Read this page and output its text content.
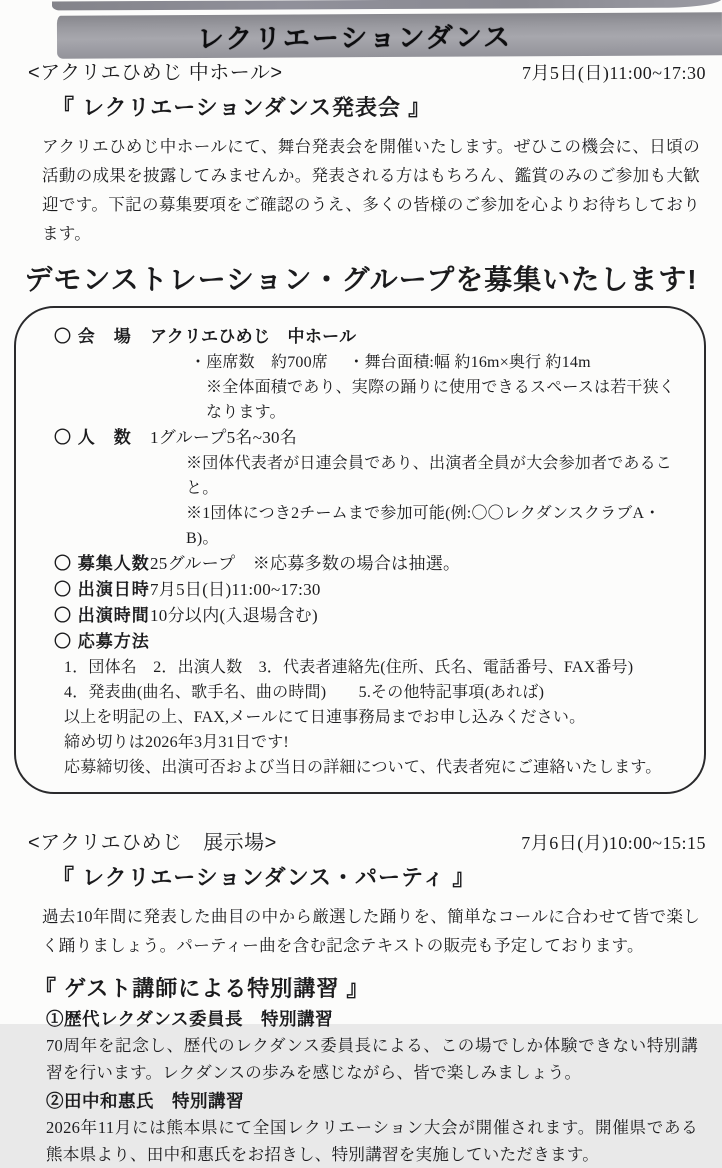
レクリエーションダンス
<アクリエひめじ 中ホール>	7月5日(日)11:00~17:30
『 レクリエーションダンス発表会 』
アクリエひめじ中ホールにて、舞台発表会を開催いたします。ぜひこの機会に、日頃の活動の成果を披露してみませんか。発表される方はもちろん、鑑賞のみのご参加も大歓迎です。下記の募集要項をご確認のうえ、多くの皆様のご参加を心よりお待ちしております。
デモンストレーション・グループを募集いたします!
〇 会　場	アクリエひめじ　中ホール
・座席数　約700席　 ・舞台面積:幅 約16m×奥行 約14m
※全体面積であり、実際の踊りに使用できるスペースは若干狭くなります。
〇 人　数	1グループ5名~30名
※団体代表者が日連会員であり、出演者全員が大会参加者であること。
※1団体につき2チームまで参加可能(例:〇〇レクダンスクラブA・B)。
〇 募集人数 25グループ　※応募多数の場合は抽選。
〇 出演日時 7月5日(日)11:00~17:30
〇 出演時間 10分以内(入退場含む)
〇 応募方法
1．団体名　2．出演人数　3．代表者連絡先(住所、氏名、電話番号、FAX番号)
4．発表曲(曲名、歌手名、曲の時間)　　5.その他特記事項(あれば)
以上を明記の上、FAX,メールにて日連事務局までお申し込みください。
締め切りは2026年3月31日です!
応募締切後、出演可否および当日の詳細について、代表者宛にご連絡いたします。
<アクリエひめじ　展示場>	7月6日(月)10:00~15:15
『 レクリエーションダンス・パーティ 』
過去10年間に発表した曲目の中から厳選した踊りを、簡単なコールに合わせて皆で楽しく踊りましょう。パーティー曲を含む記念テキストの販売も予定しております。
『 ゲスト講師による特別講習 』
①歴代レクダンス委員長　特別講習
70周年を記念し、歴代のレクダンス委員長による、この場でしか体験できない特別講習を行います。レクダンスの歩みを感じながら、皆で楽しみましょう。
②田中和惠氏　特別講習
2026年11月には熊本県にて全国レクリエーション大会が開催されます。開催県である熊本県より、田中和惠氏をお招きし、特別講習を実施していただきます。
